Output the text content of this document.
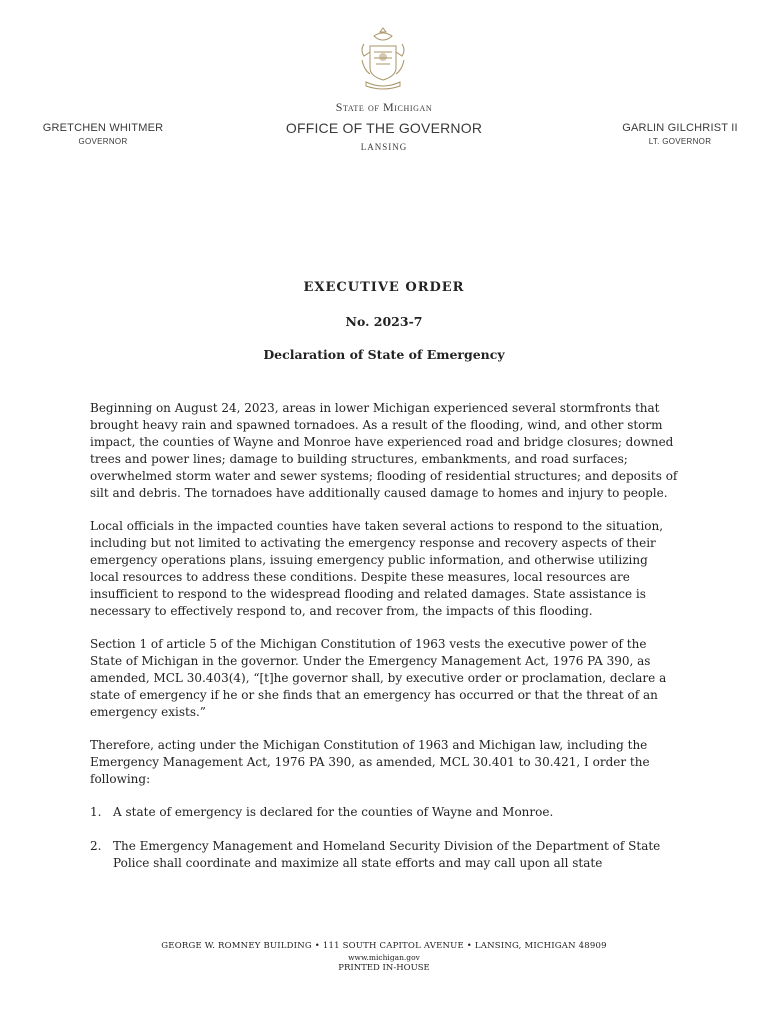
GRETCHEN WHITMER
GOVERNOR
State of Michigan
OFFICE OF THE GOVERNOR
LANSING
GARLIN GILCHRIST II
LT. GOVERNOR
EXECUTIVE ORDER
No. 2023-7
Declaration of State of Emergency

Beginning on August 24, 2023, areas in lower Michigan experienced several stormfronts that brought heavy rain and spawned tornadoes. As a result of the flooding, wind, and other storm impact, the counties of Wayne and Monroe have experienced road and bridge closures; downed trees and power lines; damage to building structures, embankments, and road surfaces; overwhelmed storm water and sewer systems; flooding of residential structures; and deposits of silt and debris. The tornadoes have additionally caused damage to homes and injury to people.

Local officials in the impacted counties have taken several actions to respond to the situation, including but not limited to activating the emergency response and recovery aspects of their emergency operations plans, issuing emergency public information, and otherwise utilizing local resources to address these conditions. Despite these measures, local resources are insufficient to respond to the widespread flooding and related damages. State assistance is necessary to effectively respond to, and recover from, the impacts of this flooding.

Section 1 of article 5 of the Michigan Constitution of 1963 vests the executive power of the State of Michigan in the governor. Under the Emergency Management Act, 1976 PA 390, as amended, MCL 30.403(4), “[t]he governor shall, by executive order or proclamation, declare a state of emergency if he or she finds that an emergency has occurred or that the threat of an emergency exists.”

Therefore, acting under the Michigan Constitution of 1963 and Michigan law, including the Emergency Management Act, 1976 PA 390, as amended, MCL 30.401 to 30.421, I order the following:

1. A state of emergency is declared for the counties of Wayne and Monroe.
2. The Emergency Management and Homeland Security Division of the Department of State Police shall coordinate and maximize all state efforts and may call upon all state
GEORGE W. ROMNEY BUILDING • 111 SOUTH CAPITOL AVENUE • LANSING, MICHIGAN 48909
www.michigan.gov
PRINTED IN-HOUSE
